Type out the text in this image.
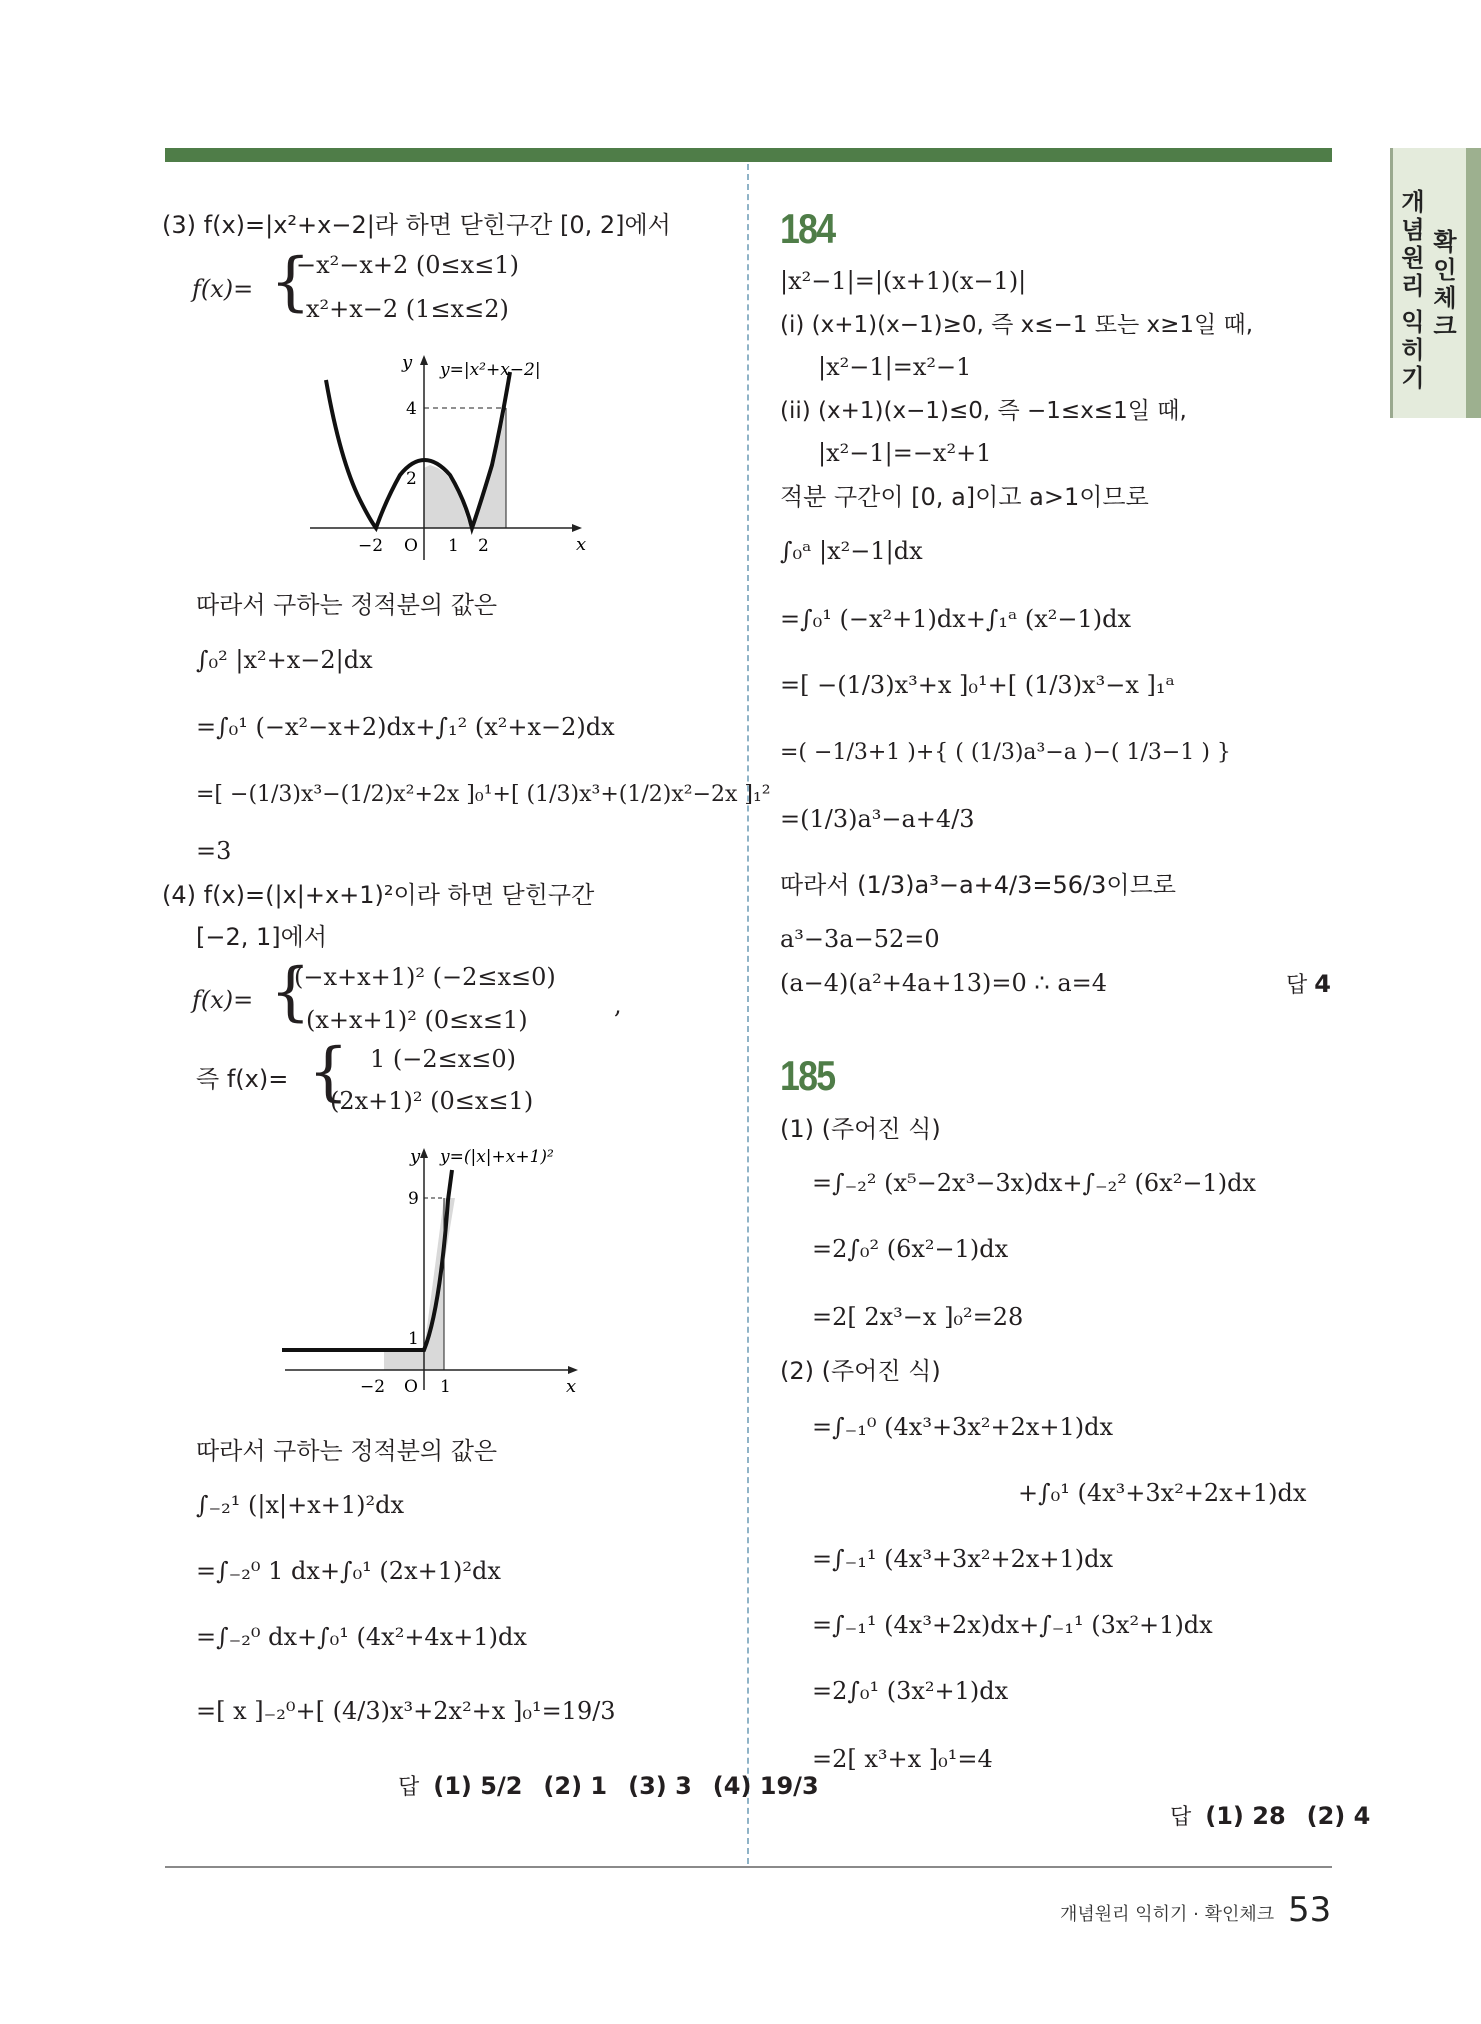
개
념
원
리
익
히
기
확
인
체
크
(3) f(x)=|x²+x−2|라 하면 닫힌구간 [0, 2]에서
f(x)= {
−x²−x+2 (0≤x≤1)
x²+x−2 (1≤x≤2)
y
x
y=|x²+x−2|
4
2
−2 O 1 2
따라서 구하는 정적분의 값은
∫₀² |x²+x−2|dx
=∫₀¹ (−x²−x+2)dx+∫₁² (x²+x−2)dx
=[ −(1/3)x³−(1/2)x²+2x ]₀¹+[ (1/3)x³+(1/2)x²−2x ]₁²
=3
(4) f(x)=(|x|+x+1)²이라 하면 닫힌구간
[−2, 1]에서
f(x)= {
(−x+x+1)² (−2≤x≤0)
(x+x+1)² (0≤x≤1)
,
즉 f(x)= { 1 (−2≤x≤0)
(2x+1)² (0≤x≤1)
y
x
y=(|x|+x+1)²
9
1
−2 O 1
따라서 구하는 정적분의 값은
∫₋₂¹ (|x|+x+1)²dx
=∫₋₂⁰ 1 dx+∫₀¹ (2x+1)²dx
=∫₋₂⁰ dx+∫₀¹ (4x²+4x+1)dx
=[ x ]₋₂⁰+[ (4/3)x³+2x²+x ]₀¹=19/3
답 (1) 5/2 (2) 1 (3) 3 (4) 19/3
184
|x²−1|=|(x+1)(x−1)|
(i) (x+1)(x−1)≥0, 즉 x≤−1 또는 x≥1일 때,
|x²−1|=x²−1
(ii) (x+1)(x−1)≤0, 즉 −1≤x≤1일 때,
|x²−1|=−x²+1
적분 구간이 [0, a]이고 a>1이므로
∫₀ᵃ |x²−1|dx
=∫₀¹ (−x²+1)dx+∫₁ᵃ (x²−1)dx
=[ −(1/3)x³+x ]₀¹+[ (1/3)x³−x ]₁ᵃ
=( −1/3+1 )+{ ( (1/3)a³−a )−( 1/3−1 ) }
=(1/3)a³−a+4/3
따라서 (1/3)a³−a+4/3=56/3이므로
a³−3a−52=0
(a−4)(a²+4a+13)=0 ∴ a=4	답 4
185
(1) (주어진 식)
=∫₋₂² (x⁵−2x³−3x)dx+∫₋₂² (6x²−1)dx
=2∫₀² (6x²−1)dx
=2[ 2x³−x ]₀²=28
(2) (주어진 식)
=∫₋₁⁰ (4x³+3x²+2x+1)dx
+∫₀¹ (4x³+3x²+2x+1)dx
=∫₋₁¹ (4x³+3x²+2x+1)dx
=∫₋₁¹ (4x³+2x)dx+∫₋₁¹ (3x²+1)dx
=2∫₀¹ (3x²+1)dx
=2[ x³+x ]₀¹=4
답 (1) 28 (2) 4
개념원리 익히기 · 확인체크 53
